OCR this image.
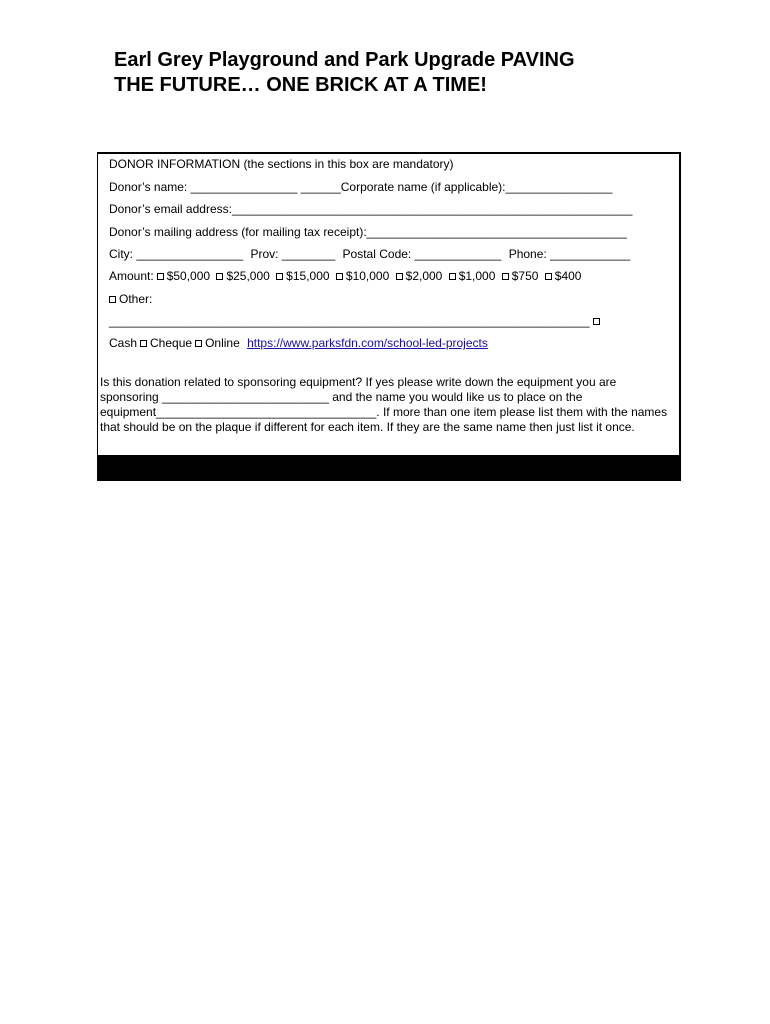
Earl Grey Playground and Park Upgrade PAVING
THE FUTURE… ONE BRICK AT A TIME!
DONOR INFORMATION (the sections in this box are mandatory)
Donor’s name: ________________ ______Corporate name (if applicable):________________
Donor’s email address:____________________________________________________________
Donor’s mailing address (for mailing tax receipt):_______________________________________
City: ________________ Prov: ________ Postal Code: _____________ Phone: ____________
Amount: $50,000 $25,000 $15,000 $10,000 $2,000 $1,000 $750 $400
Other:
________________________________________________________________________
Cash Cheque Online https://www.parksfdn.com/school-led-projects
Is this donation related to sponsoring equipment? If yes please write down the equipment you are sponsoring _________________________ and the name you would like us to place on the equipment_________________________________. If more than one item please list them with the names that should be on the plaque if different for each item. If they are the same name then just list it once.
